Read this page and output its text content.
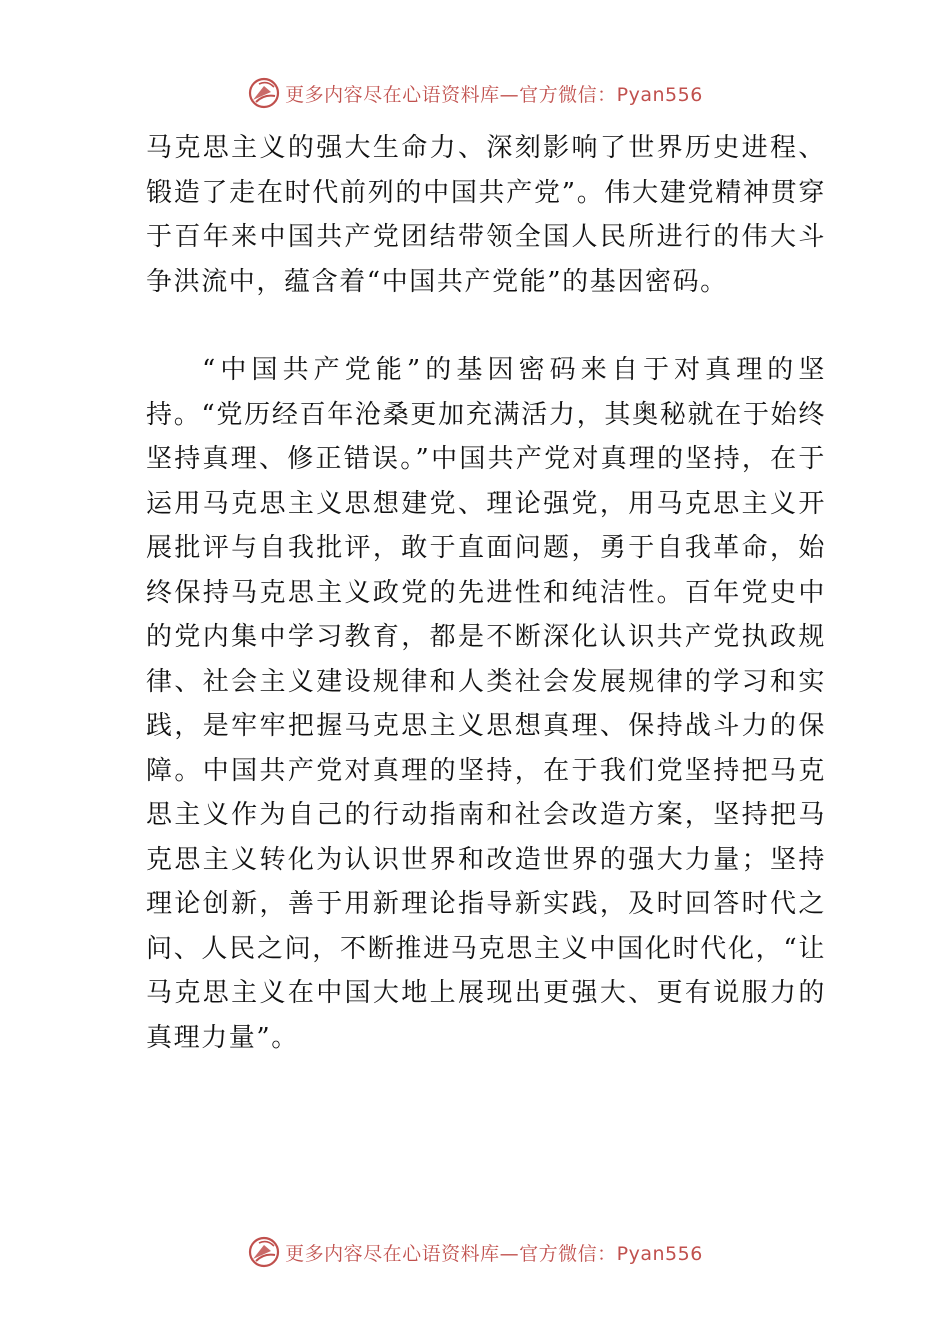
更多内容尽在心语资料库—官方微信：Pyan556

马克思主义的强大生命力、深刻影响了世界历史进程、锻造了走在时代前列的中国共产党”。伟大建党精神贯穿于百年来中国共产党团结带领全国人民所进行的伟大斗争洪流中，蕴含着“中国共产党能”的基因密码。

“中国共产党能”的基因密码来自于对真理的坚持。“党历经百年沧桑更加充满活力，其奥秘就在于始终坚持真理、修正错误。”中国共产党对真理的坚持，在于运用马克思主义思想建党、理论强党，用马克思主义开展批评与自我批评，敢于直面问题，勇于自我革命，始终保持马克思主义政党的先进性和纯洁性。百年党史中的党内集中学习教育，都是不断深化认识共产党执政规律、社会主义建设规律和人类社会发展规律的学习和实践，是牢牢把握马克思主义思想真理、保持战斗力的保障。中国共产党对真理的坚持，在于我们党坚持把马克思主义作为自己的行动指南和社会改造方案，坚持把马克思主义转化为认识世界和改造世界的强大力量；坚持理论创新，善于用新理论指导新实践，及时回答时代之问、人民之问，不断推进马克思主义中国化时代化，“让马克思主义在中国大地上展现出更强大、更有说服力的真理力量”。

更多内容尽在心语资料库—官方微信：Pyan556
